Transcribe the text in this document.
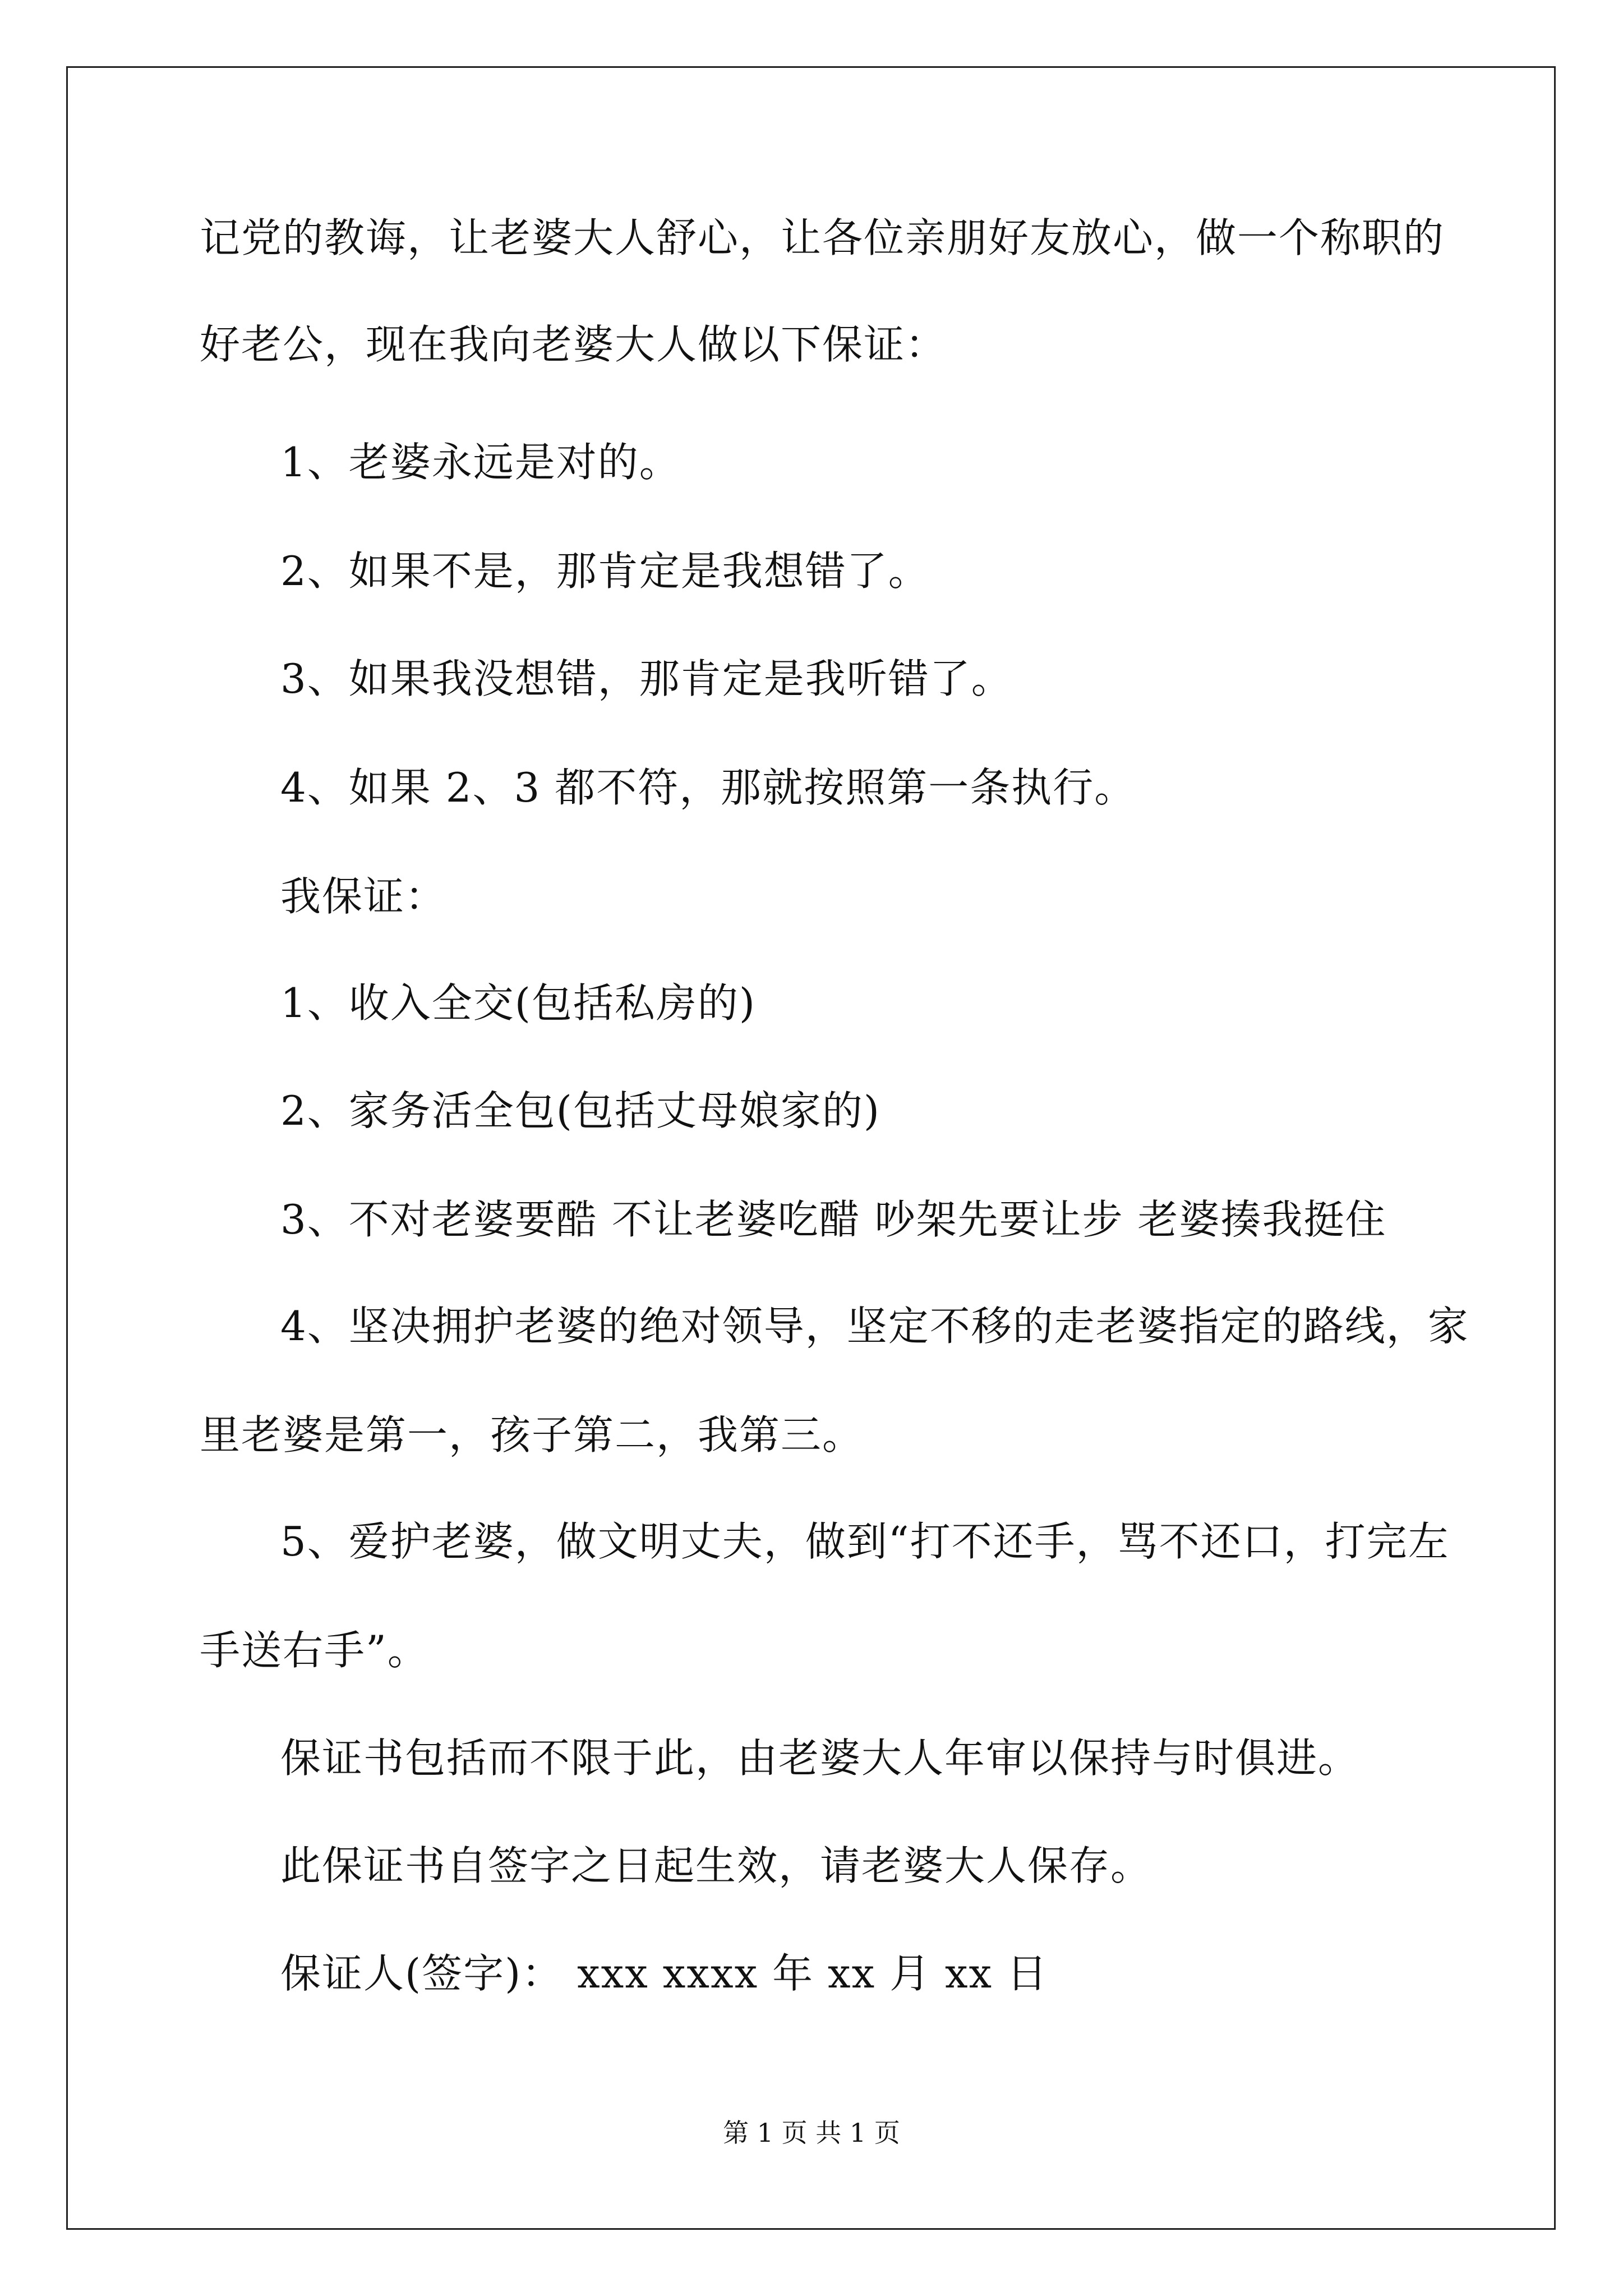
记党的教诲，让老婆大人舒心，让各位亲朋好友放心，做一个称职的
好老公，现在我向老婆大人做以下保证：
1、老婆永远是对的。
2、如果不是，那肯定是我想错了。
3、如果我没想错，那肯定是我听错了。
4、如果 2、3 都不符，那就按照第一条执行。
我保证：
1、收入全交(包括私房的)
2、家务活全包(包括丈母娘家的)
3、不对老婆要酷 不让老婆吃醋 吵架先要让步 老婆揍我挺住
4、坚决拥护老婆的绝对领导，坚定不移的走老婆指定的路线，家
里老婆是第一，孩子第二，我第三。
5、爱护老婆，做文明丈夫，做到“打不还手，骂不还口，打完左
手送右手”。
保证书包括而不限于此，由老婆大人年审以保持与时俱进。
此保证书自签字之日起生效，请老婆大人保存。
保证人(签字)： xxx xxxx 年 xx 月 xx 日
第 1 页 共 1 页
